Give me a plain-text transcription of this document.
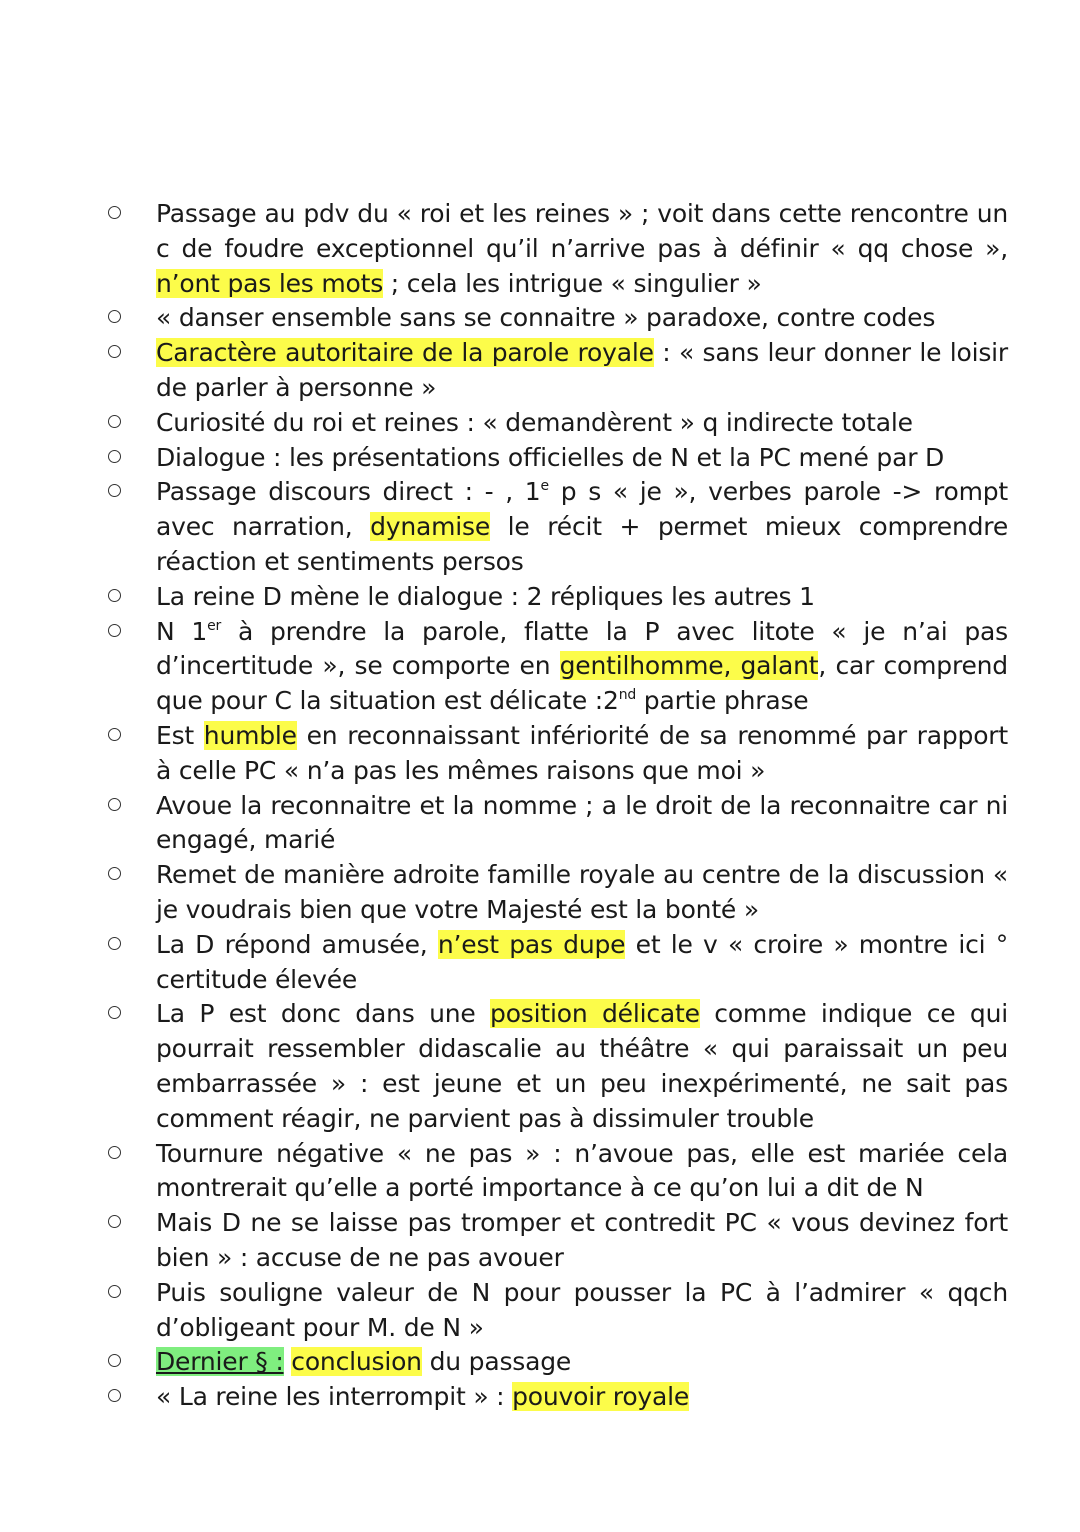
Passage au pdv du « roi et les reines » ; voit dans cette rencontre un c de foudre exceptionnel qu’il n’arrive pas à définir « qq chose », n’ont pas les mots ; cela les intrigue « singulier »
« danser ensemble sans se connaitre » paradoxe, contre codes
Caractère autoritaire de la parole royale : « sans leur donner le loisir de parler à personne »
Curiosité du roi et reines : « demandèrent » q indirecte totale
Dialogue : les présentations officielles de N et la PC mené par D
Passage discours direct : - , 1e p s « je », verbes parole -> rompt avec narration, dynamise le récit + permet mieux comprendre réaction et sentiments persos
La reine D mène le dialogue : 2 répliques les autres 1
N 1er à prendre la parole, flatte la P avec litote « je n’ai pas d’incertitude », se comporte en gentilhomme, galant, car comprend que pour C la situation est délicate :2nd partie phrase
Est humble en reconnaissant infériorité de sa renommé par rapport à celle PC « n’a pas les mêmes raisons que moi »
Avoue la reconnaitre et la nomme ; a le droit de la reconnaitre car ni engagé, marié
Remet de manière adroite famille royale au centre de la discussion « je voudrais bien que votre Majesté est la bonté »
La D répond amusée, n’est pas dupe et le v « croire » montre ici ° certitude élevée
La P est donc dans une position délicate comme indique ce qui pourrait ressembler didascalie au théâtre « qui paraissait un peu embarrassée » : est jeune et un peu inexpérimenté, ne sait pas comment réagir, ne parvient pas à dissimuler trouble
Tournure négative « ne pas » : n’avoue pas, elle est mariée cela montrerait qu’elle a porté importance à ce qu’on lui a dit de N
Mais D ne se laisse pas tromper et contredit PC « vous devinez fort bien » : accuse de ne pas avouer
Puis souligne valeur de N pour pousser la PC à l’admirer « qqch d’obligeant pour M. de N »
Dernier § : conclusion du passage
« La reine les interrompit » : pouvoir royale
